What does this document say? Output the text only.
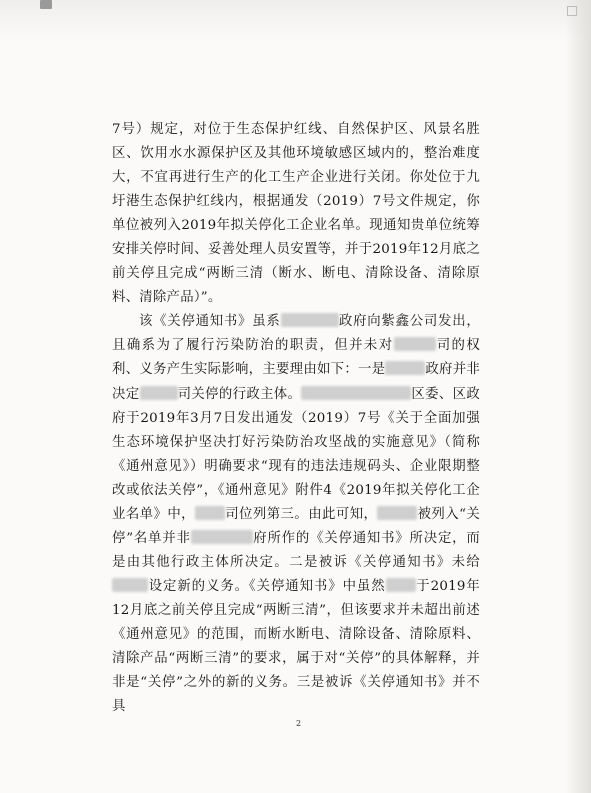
7号）规定，对位于生态保护红线、自然保护区、风景名胜区、饮用水水源保护区及其他环境敏感区域内的，整治难度大，不宜再进行生产的化工生产企业进行关闭。你处位于九圩港生态保护红线内，根据通发（2019）7号文件规定，你单位被列入2019年拟关停化工企业名单。现通知贵单位统筹安排关停时间、妥善处理人员安置等，并于2019年12月底之前关停且完成“两断三清（断水、断电、清除设备、清除原料、清除产品）”。

该《关停通知书》虽系	政府向紫鑫公司发出，且确系为了履行污染防治的职责，但并未对	司的权利、义务产生实际影响，主要理由如下：一是	政府并非决定	司关停的行政主体。	区委、区政府于2019年3月7日发出通发（2019）7号《关于全面加强生态环境保护坚决打好污染防治攻坚战的实施意见》（简称《通州意见》）明确要求“现有的违法违规码头、企业限期整改或依法关停”，《通州意见》附件4《2019年拟关停化工企业名单》中， 司位列第三。由此可知，	被列入“关停”名单并非	府所作的《关停通知书》所决定，而是由其他行政主体所决定。二是被诉《关停通知书》未给设定新的义务。《关停通知书》中虽然 于2019年12月底之前关停且完成“两断三清”，但该要求并未超出前述《通州意见》的范围，而断水断电、清除设备、清除原料、清除产品“两断三清”的要求，属于对“关停”的具体解释，并非是“关停”之外的新的义务。三是被诉《关停通知书》并不具

2
